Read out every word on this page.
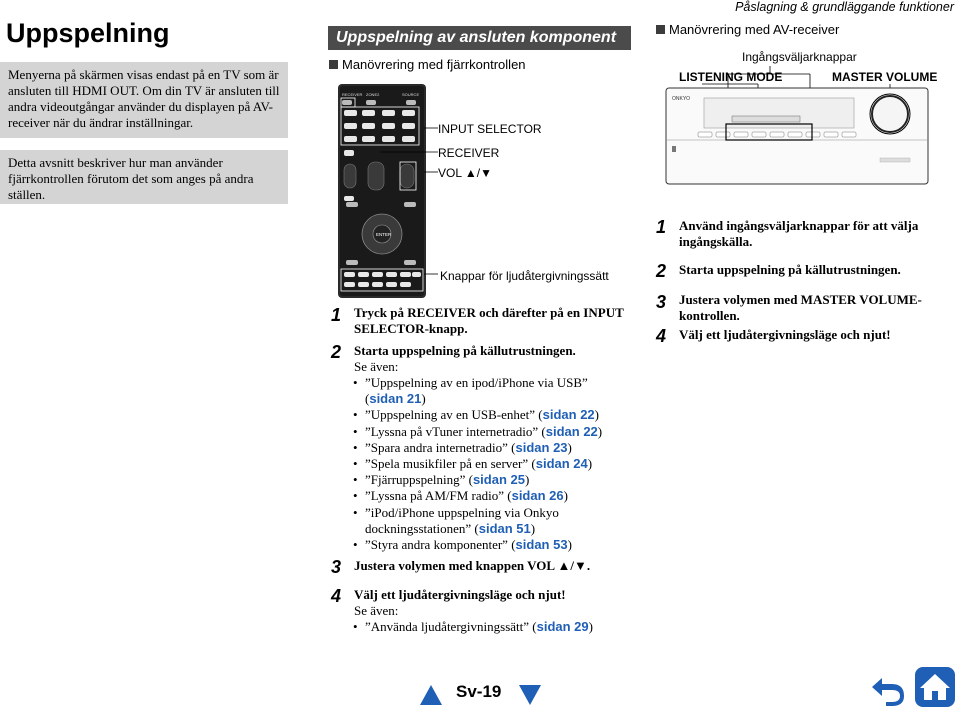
Påslagning & grundläggande funktioner
Uppspelning
Menyerna på skärmen visas endast på en TV som är ansluten till HDMI OUT. Om din TV är ansluten till andra videoutgångar använder du displayen på AV-receiver när du ändrar inställningar.
Detta avsnitt beskriver hur man använder fjärrkontrollen förutom det som anges på andra ställen.
Uppspelning av ansluten komponent
Manövrering med fjärrkontrollen
RECEIVER ZONE2	SOURCE
ENTER
INPUT SELECTOR
RECEIVER
VOL ▲/▼
Knappar för ljudåtergivningssätt
1 Tryck på RECEIVER och därefter på en INPUT SELECTOR-knapp.
2 Starta uppspelning på källutrustningen.
Se även:
• ”Uppspelning av en ipod/iPhone via USB” (sidan 21)
• ”Uppspelning av en USB-enhet” (sidan 22)
• ”Lyssna på vTuner internetradio” (sidan 22)
• ”Spara andra internetradio” (sidan 23)
• ”Spela musikfiler på en server” (sidan 24)
• ”Fjärruppspelning” (sidan 25)
• ”Lyssna på AM/FM radio” (sidan 26)
• ”iPod/iPhone uppspelning via Onkyo dockningsstationen” (sidan 51)
• ”Styra andra komponenter” (sidan 53)
3 Justera volymen med knappen VOL ▲/▼.
4 Välj ett ljudåtergivningsläge och njut!
Se även:
• ”Använda ljudåtergivningssätt” (sidan 29)
Manövrering med AV-receiver
Ingångsväljarknappar
LISTENING MODE	MASTER VOLUME
ONKYO
1 Använd ingångsväljarknappar för att välja ingångskälla.
2 Starta uppspelning på källutrustningen.
3 Justera volymen med MASTER VOLUME-kontrollen.
4 Välj ett ljudåtergivningsläge och njut!
Sv-19
